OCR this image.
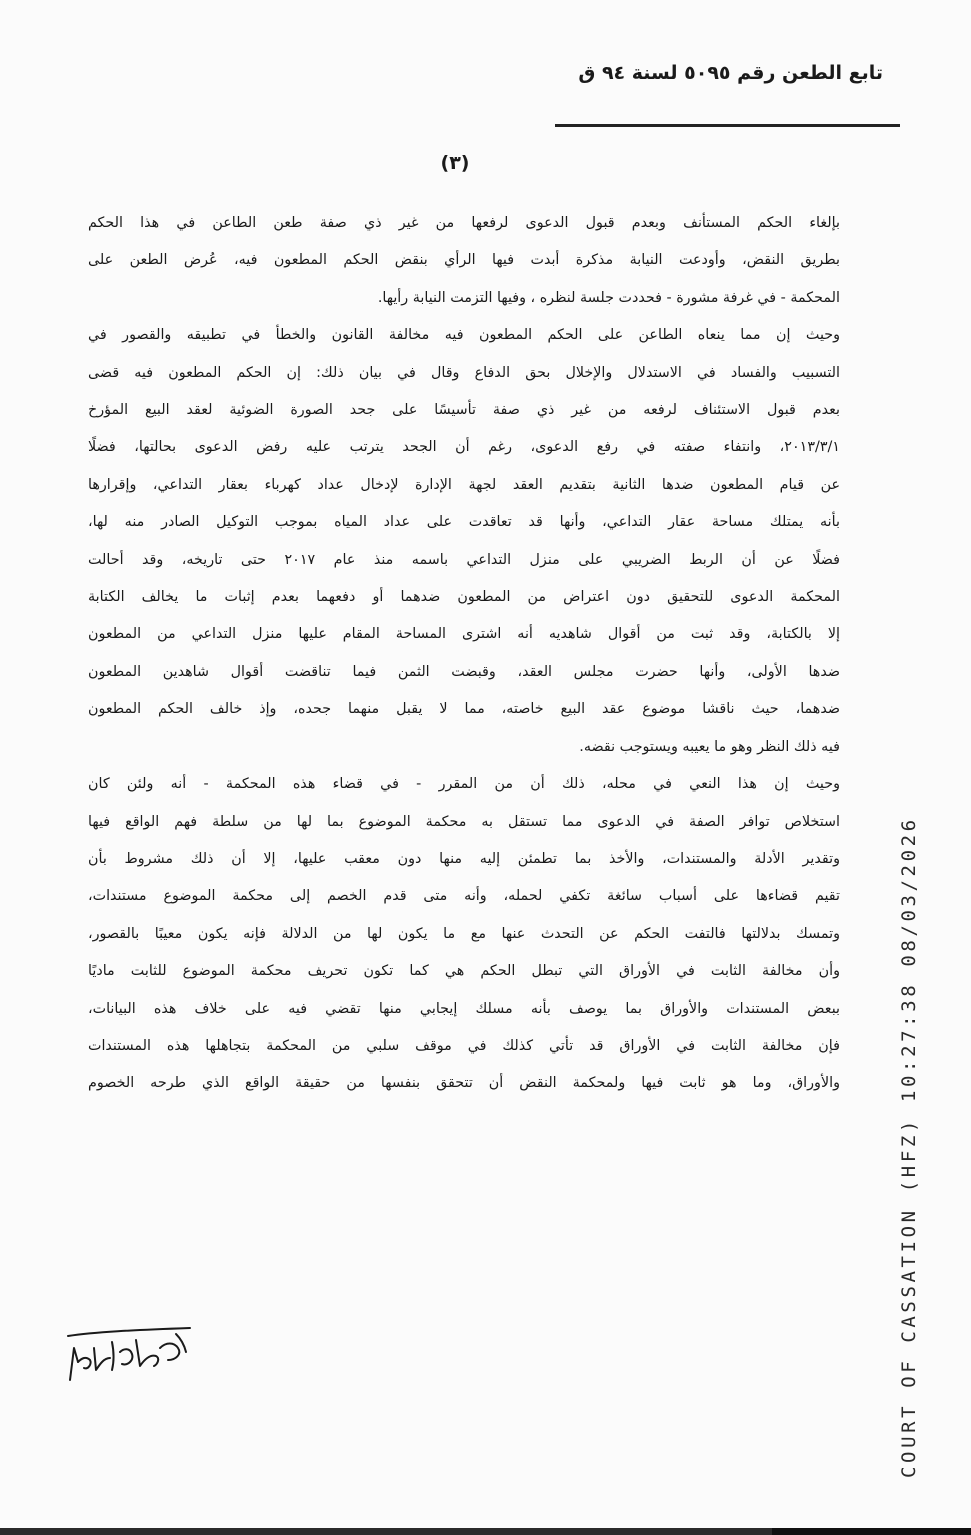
تابع الطعن رقم ٥٠٩٥ لسنة ٩٤ ق
(٣)
بإلغاء الحكم المستأنف وبعدم قبول الدعوى لرفعها من غير ذي صفة طعن الطاعن في هذا الحكم
بطريق النقض، وأودعت النيابة مذكرة أبدت فيها الرأي بنقض الحكم المطعون فيه، عُرض الطعن على
المحكمة - في غرفة مشورة - فحددت جلسة لنظره ، وفيها التزمت النيابة رأيها.
وحيث إن مما ينعاه الطاعن على الحكم المطعون فيه مخالفة القانون والخطأ في تطبيقه والقصور في
التسبيب والفساد في الاستدلال والإخلال بحق الدفاع وقال في بيان ذلك: إن الحكم المطعون فيه قضى
بعدم قبول الاستئناف لرفعه من غير ذي صفة تأسيسًا على جحد الصورة الضوئية لعقد البيع المؤرخ
٢٠١٣/٣/١، وانتفاء صفته في رفع الدعوى، رغم أن الجحد يترتب عليه رفض الدعوى بحالتها، فضلًا
عن قيام المطعون ضدها الثانية بتقديم العقد لجهة الإدارة لإدخال عداد كهرباء بعقار التداعي، وإقرارها
بأنه يمتلك مساحة عقار التداعي، وأنها قد تعاقدت على عداد المياه بموجب التوكيل الصادر منه لها،
فضلًا عن أن الربط الضريبي على منزل التداعي باسمه منذ عام ٢٠١٧ حتى تاريخه، وقد أحالت
المحكمة الدعوى للتحقيق دون اعتراض من المطعون ضدهما أو دفعهما بعدم إثبات ما يخالف الكتابة
إلا بالكتابة، وقد ثبت من أقوال شاهديه أنه اشترى المساحة المقام عليها منزل التداعي من المطعون
ضدها الأولى، وأنها حضرت مجلس العقد، وقبضت الثمن فيما تناقضت أقوال شاهدين المطعون
ضدهما، حيث ناقشا موضوع عقد البيع خاصته، مما لا يقبل منهما جحده، وإذ خالف الحكم المطعون
فيه ذلك النظر وهو ما يعيبه ويستوجب نقضه.
وحيث إن هذا النعي في محله، ذلك أن من المقرر - في قضاء هذه المحكمة - أنه ولئن كان
استخلاص توافر الصفة في الدعوى مما تستقل به محكمة الموضوع بما لها من سلطة فهم الواقع فيها
وتقدير الأدلة والمستندات، والأخذ بما تطمئن إليه منها دون معقب عليها، إلا أن ذلك مشروط بأن
تقيم قضاءها على أسباب سائغة تكفي لحمله، وأنه متى قدم الخصم إلى محكمة الموضوع مستندات،
وتمسك بدلالتها فالتفت الحكم عن التحدث عنها مع ما يكون لها من الدلالة فإنه يكون معيبًا بالقصور،
وأن مخالفة الثابت في الأوراق التي تبطل الحكم هي كما تكون تحريف محكمة الموضوع للثابت ماديًا
ببعض المستندات والأوراق بما يوصف بأنه مسلك إيجابي منها تقضي فيه على خلاف هذه البيانات،
فإن مخالفة الثابت في الأوراق قد تأتي كذلك في موقف سلبي من المحكمة بتجاهلها هذه المستندات
والأوراق، وما هو ثابت فيها ولمحكمة النقض أن تتحقق بنفسها من حقيقة الواقع الذي طرحه الخصوم	COURT OF CASSATION (HFZ) 10:27:38 08/03/2026
